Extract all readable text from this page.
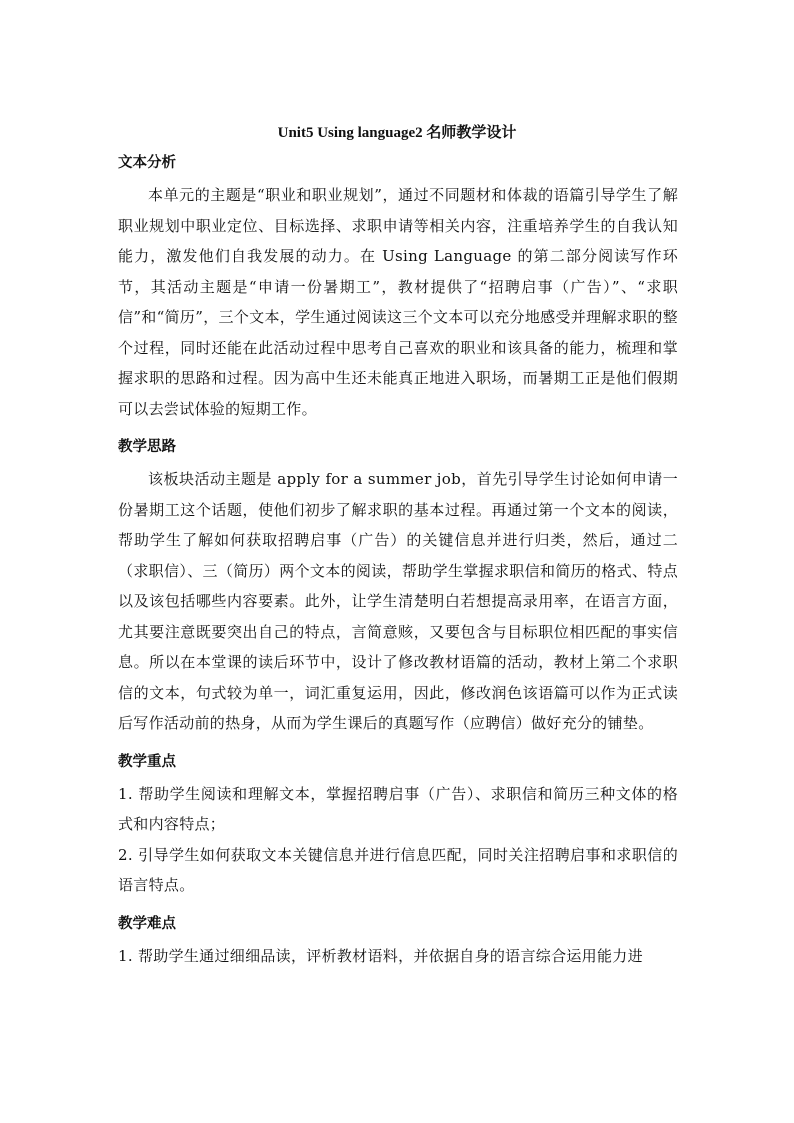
Unit5 Using language2 名师教学设计
文本分析

本单元的主题是“职业和职业规划”，通过不同题材和体裁的语篇引导学生了解职业规划中职业定位、目标选择、求职申请等相关内容，注重培养学生的自我认知能力，激发他们自我发展的动力。在 Using Language 的第二部分阅读写作环节，其活动主题是“申请一份暑期工”，教材提供了“招聘启事（广告）”、“求职信”和“简历”，三个文本，学生通过阅读这三个文本可以充分地感受并理解求职的整个过程，同时还能在此活动过程中思考自己喜欢的职业和该具备的能力，梳理和掌握求职的思路和过程。因为高中生还未能真正地进入职场，而暑期工正是他们假期可以去尝试体验的短期工作。

教学思路

该板块活动主题是 apply for a summer job，首先引导学生讨论如何申请一份暑期工这个话题，使他们初步了解求职的基本过程。再通过第一个文本的阅读，帮助学生了解如何获取招聘启事（广告）的关键信息并进行归类，然后，通过二（求职信）、三（简历）两个文本的阅读，帮助学生掌握求职信和简历的格式、特点以及该包括哪些内容要素。此外，让学生清楚明白若想提高录用率，在语言方面，尤其要注意既要突出自己的特点，言简意赅，又要包含与目标职位相匹配的事实信息。所以在本堂课的读后环节中，设计了修改教材语篇的活动，教材上第二个求职信的文本，句式较为单一，词汇重复运用，因此，修改润色该语篇可以作为正式读后写作活动前的热身，从而为学生课后的真题写作（应聘信）做好充分的铺垫。

教学重点

1. 帮助学生阅读和理解文本，掌握招聘启事（广告）、求职信和简历三种文体的格式和内容特点；

2. 引导学生如何获取文本关键信息并进行信息匹配，同时关注招聘启事和求职信的语言特点。

教学难点

1. 帮助学生通过细细品读，评析教材语料，并依据自身的语言综合运用能力进
